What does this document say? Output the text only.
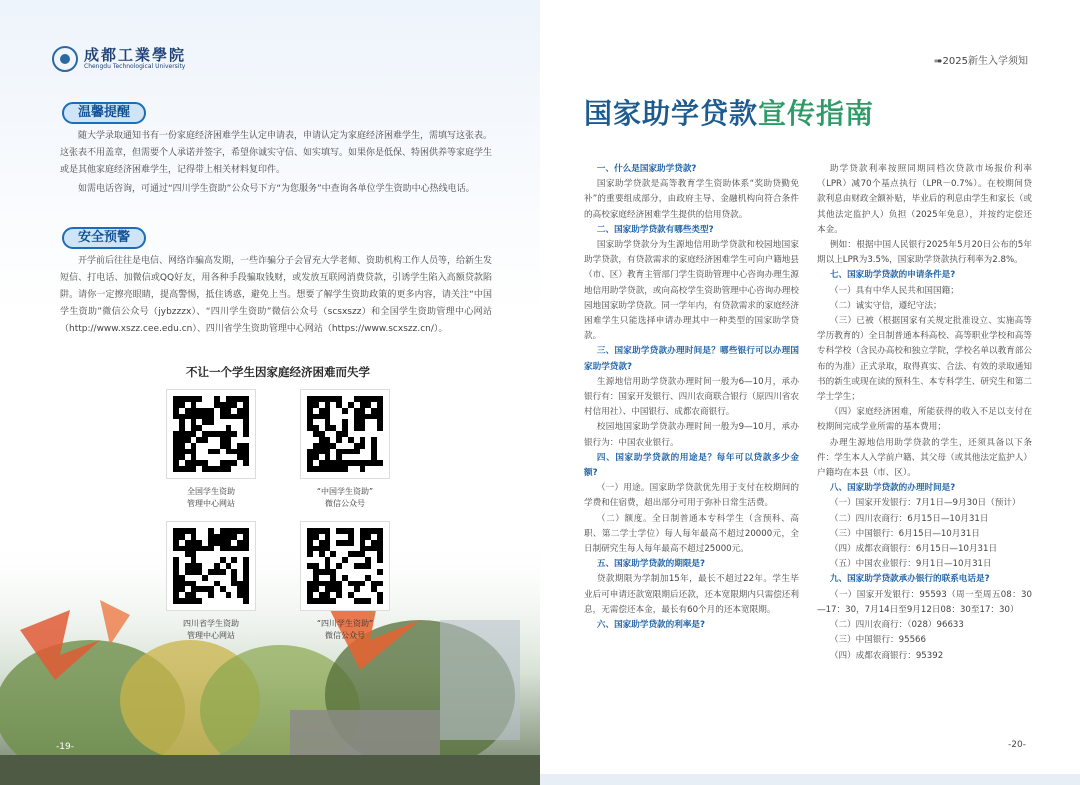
成都工業學院
Chengdu Technological University
温馨提醒
随大学录取通知书有一份家庭经济困难学生认定申请表，申请认定为家庭经济困难学生，需填写这张表。这张表不用盖章，但需要个人承诺并签字，希望你诚实守信、如实填写。如果你是低保、特困供养等家庭学生或是其他家庭经济困难学生，记得带上相关材料复印件。
如需电话咨询，可通过“四川学生资助”公众号下方“为您服务”中查询各单位学生资助中心热线电话。
安全预警
开学前后往往是电信、网络诈骗高发期，一些诈骗分子会冒充大学老师、资助机构工作人员等，给新生发短信、打电话、加微信或QQ好友，用各种手段骗取钱财，或发放互联网消费贷款，引诱学生陷入高额贷款陷阱。请你一定擦亮眼睛，提高警惕，抵住诱惑，避免上当。想要了解学生资助政策的更多内容，请关注“中国学生资助”微信公众号（jybzzzx）、“四川学生资助”微信公众号（scsxszz）和全国学生资助管理中心网站（http://www.xszz.cee.edu.cn）、四川省学生资助管理中心网站（https://www.scxszz.cn/）。
不让一个学生因家庭经济困难而失学
全国学生资助
管理中心网站
“中国学生资助”
微信公众号
四川省学生资助
管理中心网站
“四川学生资助”
微信公众号
-19-
➠2025新生入学须知
国家助学贷款宣传指南

一、什么是国家助学贷款?

国家助学贷款是高等教育学生资助体系“奖助贷勤免补”的重要组成部分，由政府主导、金融机构向符合条件的高校家庭经济困难学生提供的信用贷款。

二、国家助学贷款有哪些类型?

国家助学贷款分为生源地信用助学贷款和校园地国家助学贷款，有贷款需求的家庭经济困难学生可向户籍地县（市、区）教育主管部门学生资助管理中心咨询办理生源地信用助学贷款，或向高校学生资助管理中心咨询办理校园地国家助学贷款。同一学年内，有贷款需求的家庭经济困难学生只能选择申请办理其中一种类型的国家助学贷款。

三、国家助学贷款办理时间是？哪些银行可以办理国家助学贷款?

生源地信用助学贷款办理时间一般为6—10月，承办银行有：国家开发银行、四川农商联合银行（原四川省农村信用社）、中国银行、成都农商银行。

校园地国家助学贷款办理时间一般为9—10月，承办银行为：中国农业银行。

四、国家助学贷款的用途是？每年可以贷款多少金额?

（一）用途。国家助学贷款优先用于支付在校期间的学费和住宿费，超出部分可用于弥补日常生活费。

（二）额度。全日制普通本专科学生（含预科、高职、第二学士学位）每人每年最高不超过20000元，全日制研究生每人每年最高不超过25000元。

五、国家助学贷款的期限是?

贷款期限为学制加15年，最长不超过22年。学生毕业后可申请还款宽限期后还款，还本宽限期内只需偿还利息，无需偿还本金，最长有60个月的还本宽限期。

六、国家助学贷款的利率是?

助学贷款利率按照同期同档次贷款市场报价利率（LPR）减70个基点执行（LPR－0.7%）。在校期间贷款利息由财政全额补贴，毕业后的利息由学生和家长（或其他法定监护人）负担（2025年免息），并按约定偿还本金。

例如：根据中国人民银行2025年5月20日公布的5年期以上LPR为3.5%，国家助学贷款执行利率为2.8%。

七、国家助学贷款的申请条件是?

（一）具有中华人民共和国国籍；

（二）诚实守信，遵纪守法；

（三）已被（根据国家有关规定批准设立、实施高等学历教育的）全日制普通本科高校、高等职业学校和高等专科学校（含民办高校和独立学院，学校名单以教育部公布的为准）正式录取，取得真实、合法、有效的录取通知书的新生或现在读的预科生、本专科学生、研究生和第二学士学生；

（四）家庭经济困难，所能获得的收入不足以支付在校期间完成学业所需的基本费用；

办理生源地信用助学贷款的学生，还须具备以下条件：学生本人入学前户籍、其父母（或其他法定监护人）户籍均在本县（市、区）。

八、国家助学贷款的办理时间是?

（一）国家开发银行：7月1日—9月30日（预计）

（二）四川农商行：6月15日—10月31日

（三）中国银行：6月15日—10月31日

（四）成都农商银行：6月15日—10月31日

（五）中国农业银行：9月1日—10月31日

九、国家助学贷款承办银行的联系电话是?

（一）国家开发银行：95593（周一至周五08：30—17：30，7月14日至9月12日08：30至17：30）

（二）四川农商行：（028）96633

（三）中国银行：95566

（四）成都农商银行：95392

-20-
